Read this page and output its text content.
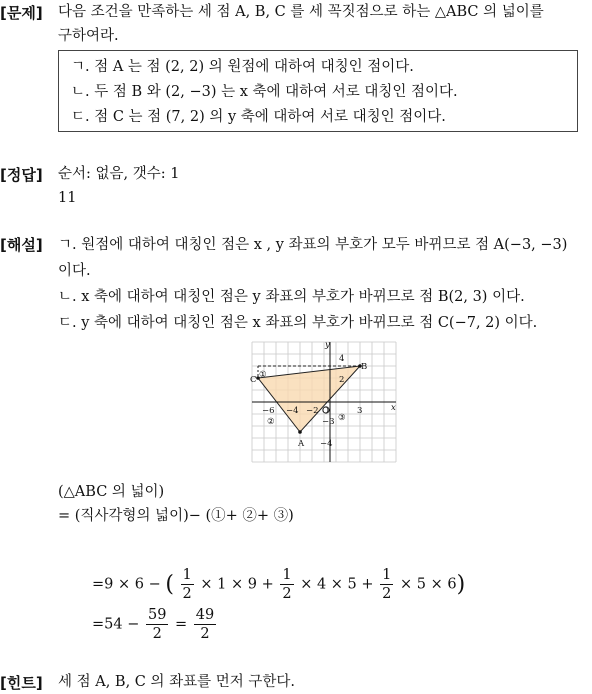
[문제] 다음 조건을 만족하는 세 점 A, B, C 를 세 꼭짓점으로 하는 △ABC 의 넓이를
구하여라.
ㄱ. 점 A 는 점 (2, 2) 의 원점에 대하여 대칭인 점이다.
ㄴ. 두 점 B 와 (2, −3) 는 x 축에 대하여 서로 대칭인 점이다.
ㄷ. 점 C 는 점 (7, 2) 의 y 축에 대하여 서로 대칭인 점이다.
[정답] 순서: 없음, 갯수: 1
11
[해설] ㄱ. 원점에 대하여 대칭인 점은 x , y 좌표의 부호가 모두 바뀌므로 점 A(−3, −3)
이다.
ㄴ. x 축에 대하여 대칭인 점은 y 좌표의 부호가 바뀌므로 점 B(2, 3) 이다.
ㄷ. y 축에 대하여 대칭인 점은 x 좌표의 부호가 바뀌므로 점 C(−7, 2) 이다.
y
x
4
B
C ①	2
−6 −4 −2 O	3
②	−3 ③
A −4
(△ABC 의 넓이)
= (직사각형의 넓이)− (①+ ②+ ③)
=9 × 6 − ( $\frac{1}{2} \times 1 \times 9 + \frac{1}{2} \times 4 \times 5 + \frac{1}{2} \times 5 \times 6$)
$=54 - \frac{59}{2} = \frac{49}{2}$
[힌트] 세 점 A, B, C 의 좌표를 먼저 구한다.
